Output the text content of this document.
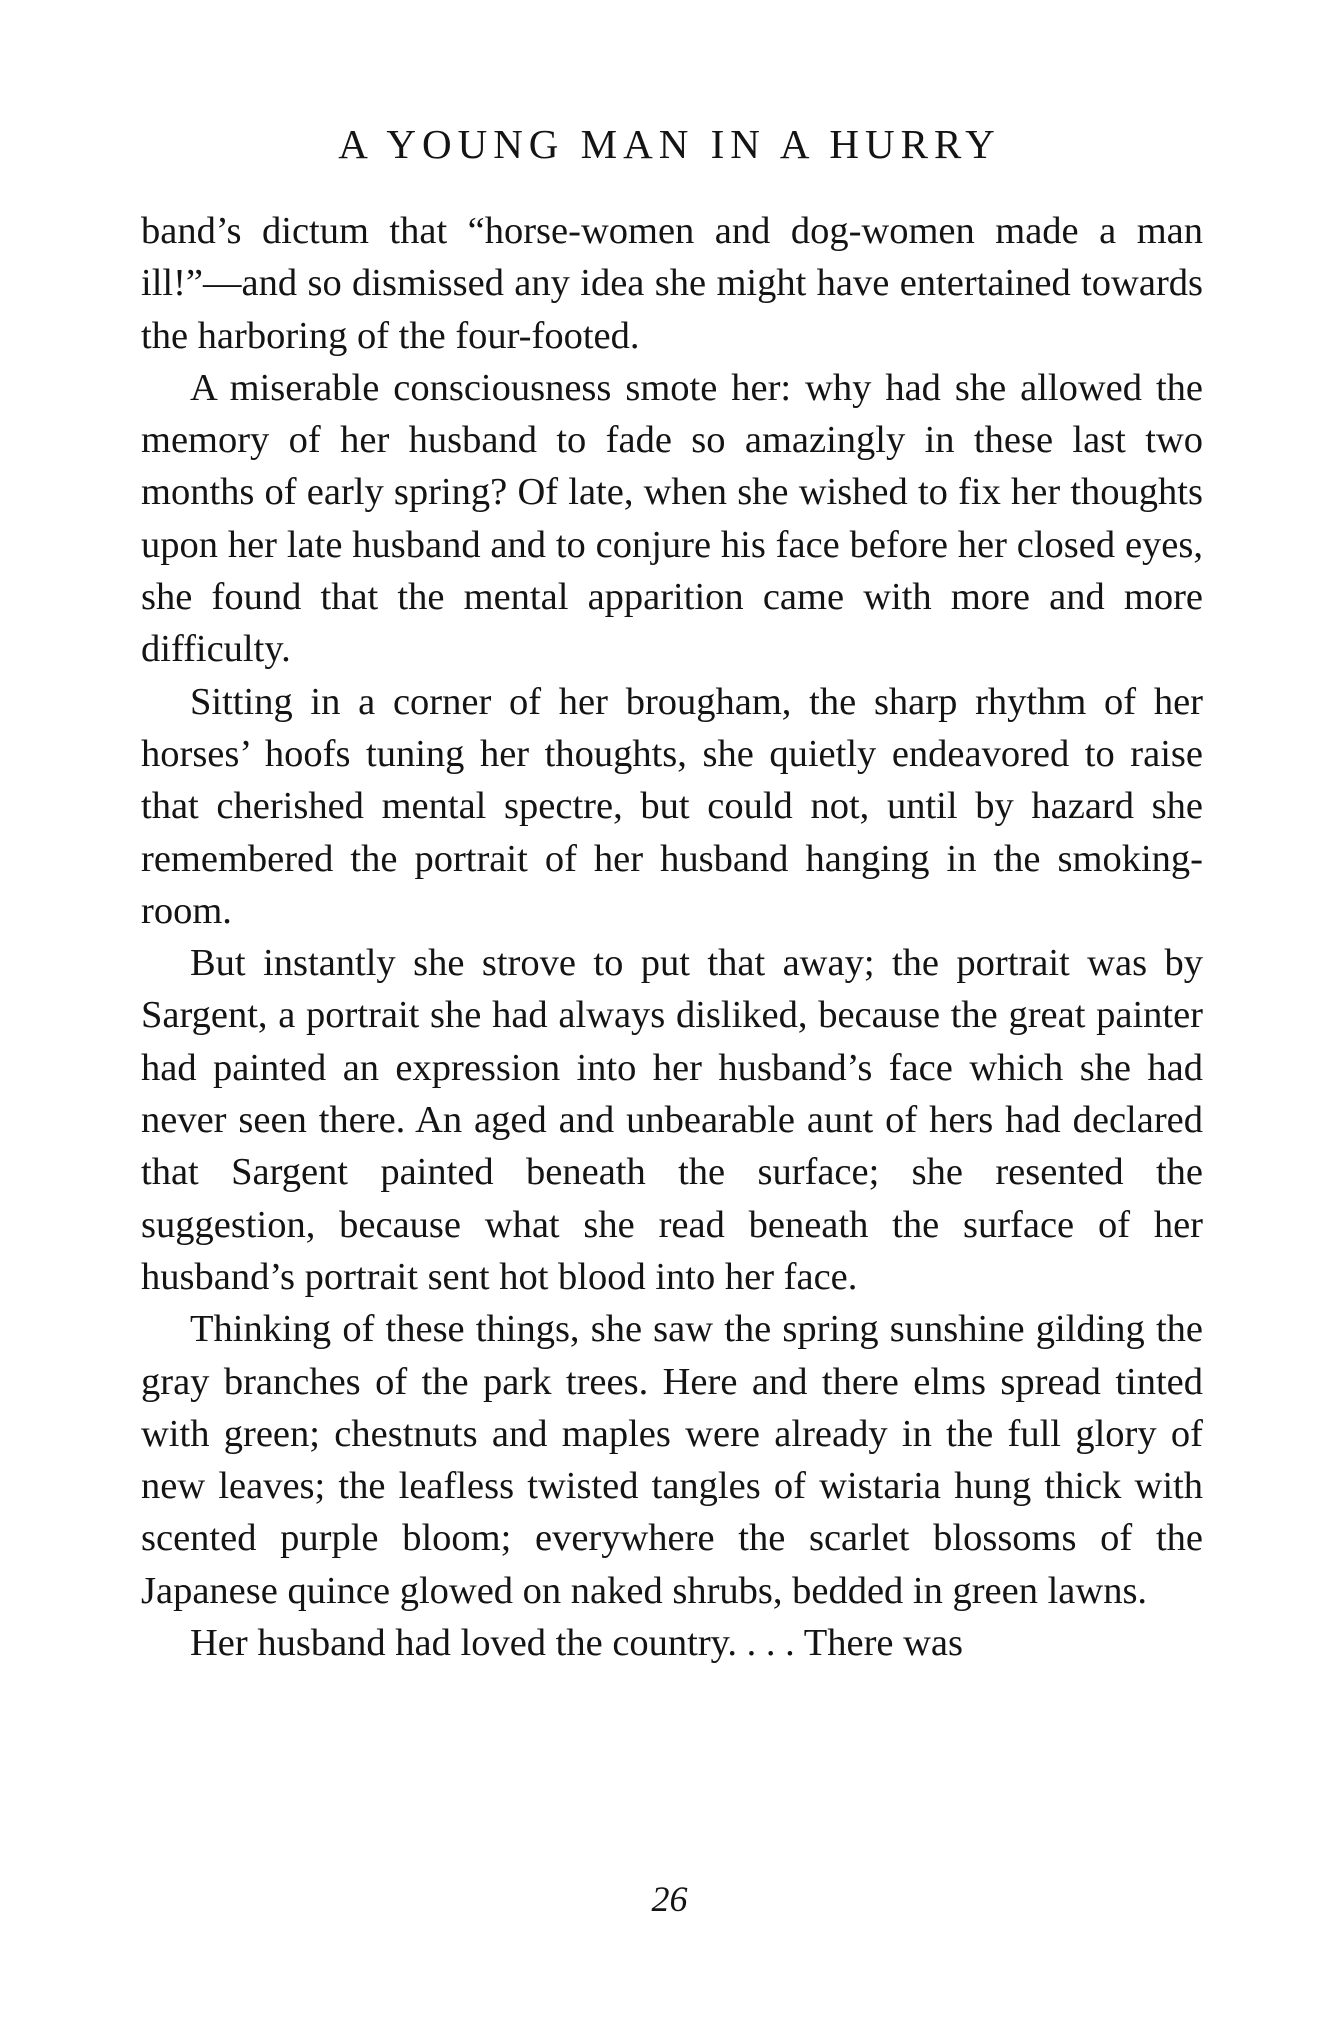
A YOUNG MAN IN A HURRY

band’s dictum that “horse-women and dog-women made a man ill!”—and so dismissed any idea she might have entertained towards the harboring of the four-footed.

A miserable consciousness smote her: why had she allowed the memory of her husband to fade so amazingly in these last two months of early spring? Of late, when she wished to fix her thoughts upon her late husband and to conjure his face before her closed eyes, she found that the mental apparition came with more and more difficulty.

Sitting in a corner of her brougham, the sharp rhythm of her horses’ hoofs tuning her thoughts, she quietly endeavored to raise that cherished mental spectre, but could not, until by hazard she remembered the portrait of her husband hanging in the smoking-room.

But instantly she strove to put that away; the portrait was by Sargent, a portrait she had always disliked, because the great painter had painted an expression into her husband’s face which she had never seen there. An aged and unbearable aunt of hers had declared that Sargent painted beneath the surface; she resented the suggestion, because what she read beneath the surface of her husband’s portrait sent hot blood into her face.

Thinking of these things, she saw the spring sunshine gilding the gray branches of the park trees. Here and there elms spread tinted with green; chestnuts and maples were already in the full glory of new leaves; the leafless twisted tangles of wistaria hung thick with scented purple bloom; everywhere the scarlet blossoms of the Japanese quince glowed on naked shrubs, bedded in green lawns.

Her husband had loved the country. . . . There was

26
